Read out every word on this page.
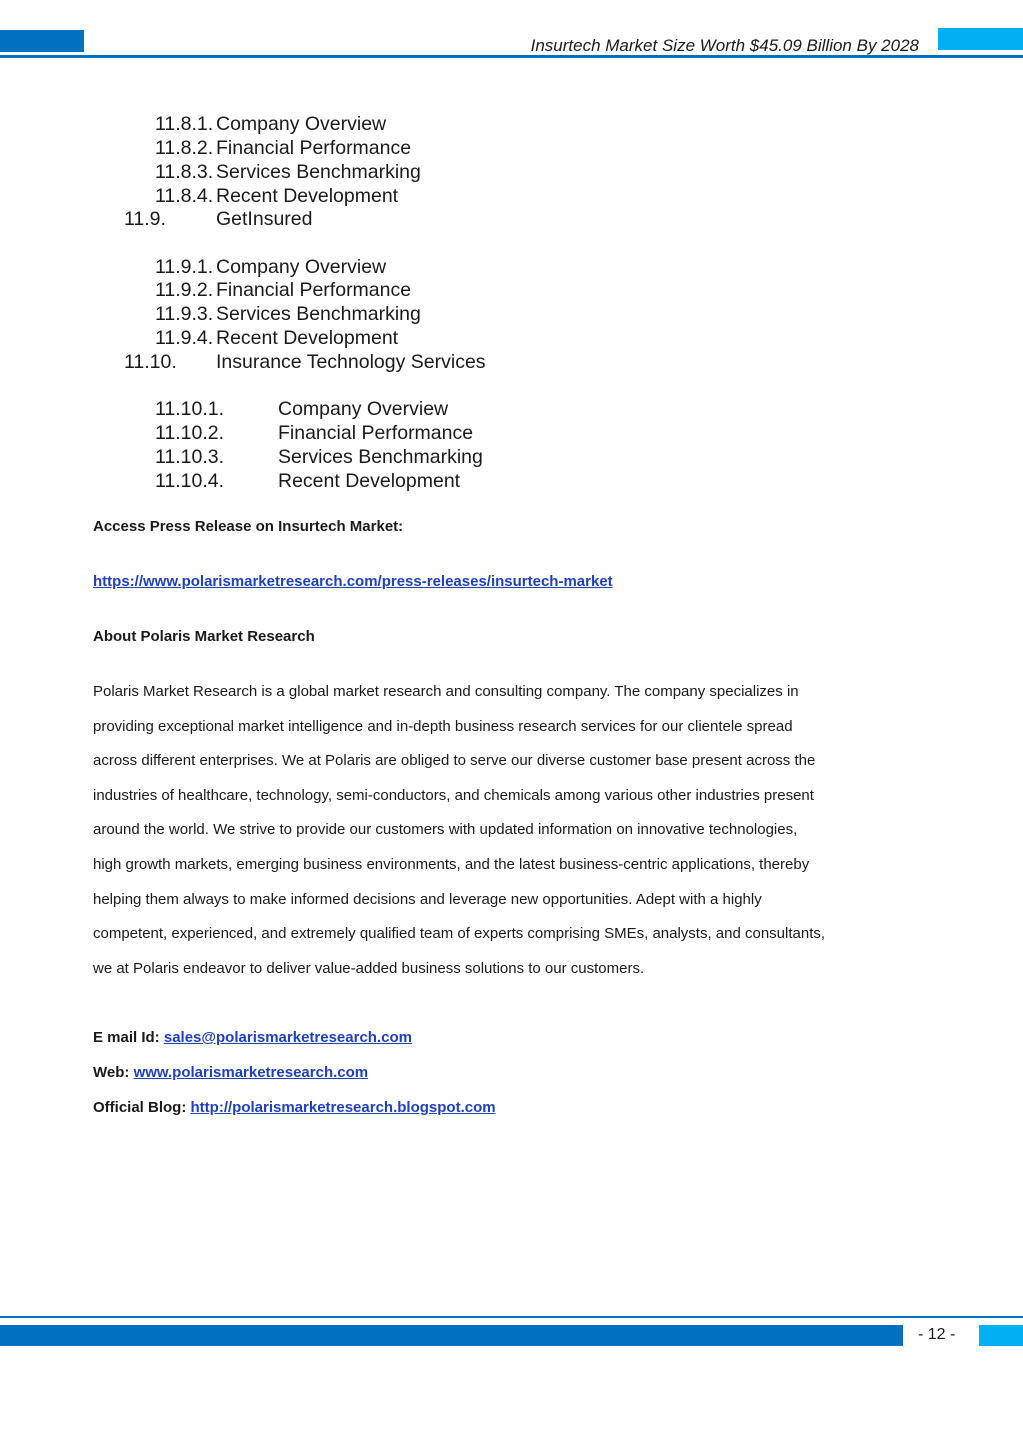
Insurtech Market Size Worth $45.09 Billion By 2028
11.8.1. Company Overview
11.8.2. Financial Performance
11.8.3. Services Benchmarking
11.8.4. Recent Development
11.9.	GetInsured
11.9.1. Company Overview
11.9.2. Financial Performance
11.9.3. Services Benchmarking
11.9.4. Recent Development
11.10. Insurance Technology Services
11.10.1.	Company Overview
11.10.2.	Financial Performance
11.10.3.	Services Benchmarking
11.10.4.	Recent Development
Access Press Release on Insurtech Market:
https://www.polarismarketresearch.com/press-releases/insurtech-market
About Polaris Market Research

Polaris Market Research is a global market research and consulting company. The company specializes in

providing exceptional market intelligence and in-depth business research services for our clientele spread

across different enterprises. We at Polaris are obliged to serve our diverse customer base present across the

industries of healthcare, technology, semi-conductors, and chemicals among various other industries present

around the world. We strive to provide our customers with updated information on innovative technologies,

high growth markets, emerging business environments, and the latest business-centric applications, thereby

helping them always to make informed decisions and leverage new opportunities. Adept with a highly

competent, experienced, and extremely qualified team of experts comprising SMEs, analysts, and consultants,

we at Polaris endeavor to deliver value-added business solutions to our customers.

E mail Id: sales@polarismarketresearch.com
Web: www.polarismarketresearch.com
Official Blog: http://polarismarketresearch.blogspot.com
- 12 -
